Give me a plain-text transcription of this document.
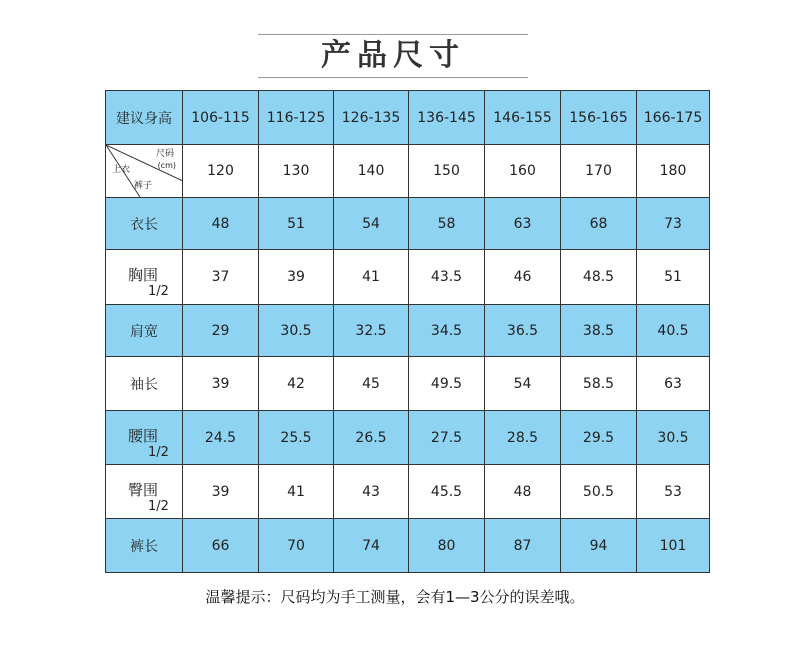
产品尺寸
建议身高	106-115	116-125	126-135	136-145	146-155	156-165	166-175

尺码
(cm)
上衣
裤子	120	130	140	150	160	170	180
衣长	48	51	54	58	63	68	73

胸围
1/2	37	39	41	43.5	46	48.5	51
肩宽	29	30.5	32.5	34.5	36.5	38.5	40.5
袖长	39	42	45	49.5	54	58.5	63

腰围
1/2	24.5	25.5	26.5	27.5	28.5	29.5	30.5

臀围
1/2	39	41	43	45.5	48	50.5	53
裤长	66	70	74	80	87	94	101
温馨提示：尺码均为手工测量，会有1—3公分的误差哦。
